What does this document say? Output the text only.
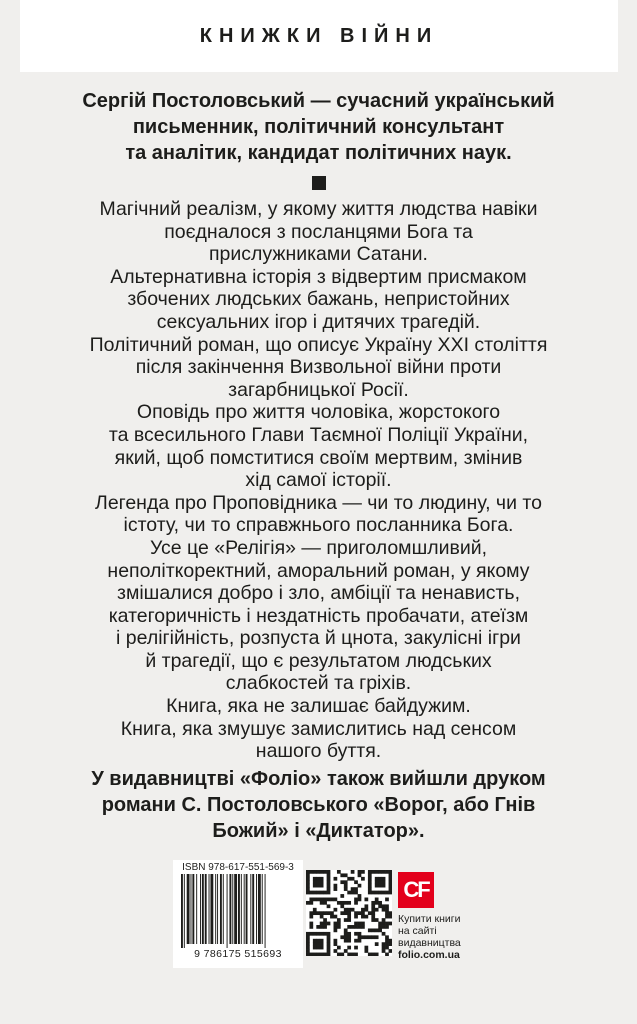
КНИЖКИ ВІЙНИ
Сергій Постоловський — сучасний український
письменник, політичний консультант
та аналітик, кандидат політичних наук.
Магічний реалізм, у якому життя людства навіки
поєдналося з посланцями Бога та
прислужниками Сатани.
Альтернативна історія з відвертим присмаком
збочених людських бажань, непристойних
сексуальних ігор і дитячих трагедій.
Політичний роман, що описує Україну XXI століття
після закінчення Визвольної війни проти
загарбницької Росії.
Оповідь про життя чоловіка, жорстокого
та всесильного Глави Таємної Поліції України,
який, щоб помститися своїм мертвим, змінив
хід самої історії.
Легенда про Проповідника — чи то людину, чи то
істоту, чи то справжнього посланника Бога.
Усе це «Релігія» — приголомшливий,
неполіткоректний, аморальний роман, у якому
змішалися добро і зло, амбіції та ненависть,
категоричність і нездатність пробачати, атеїзм
і релігійність, розпуста й цнота, закулісні ігри
й трагедії, що є результатом людських
слабкостей та гріхів.
Книга, яка не залишає байдужим.
Книга, яка змушує замислитись над сенсом
нашого буття.
У видавництві «Фоліо» також вийшли друком
романи С. Постоловського «Ворог, або Гнів
Божий» і «Диктатор».
ISBN 978-617-551-569-3
9 786175 515693
CF
Купити книги
на сайті
видавництва
folio.com.ua
